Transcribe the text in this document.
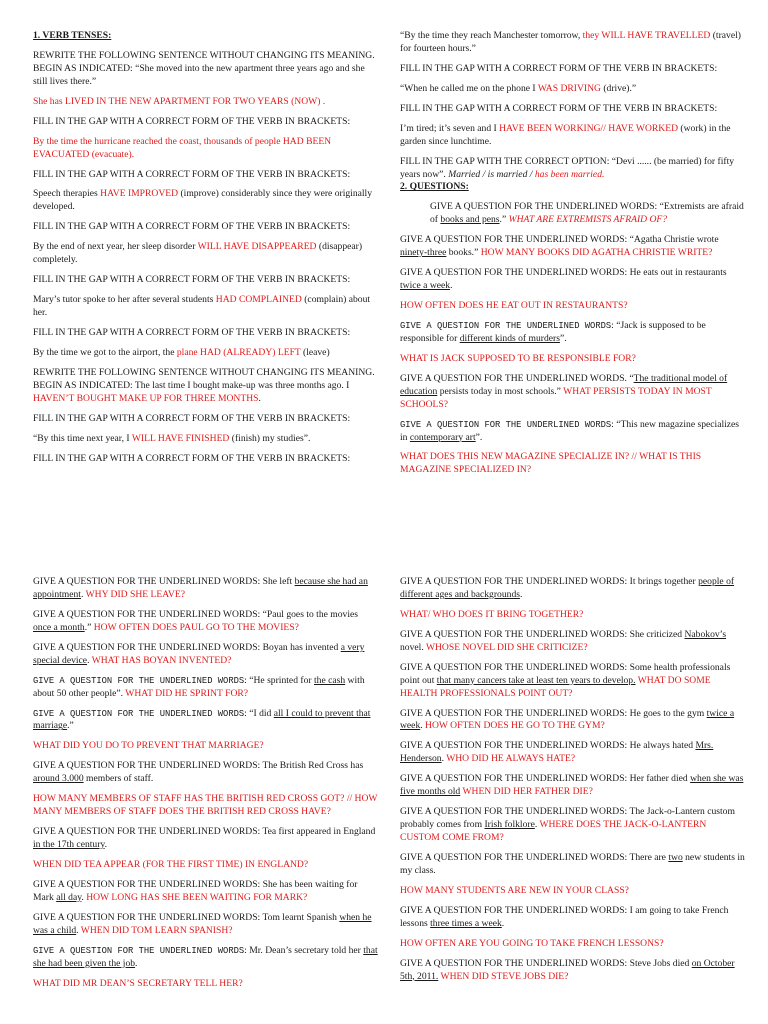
1. VERB TENSES:

REWRITE THE FOLLOWING SENTENCE WITHOUT CHANGING ITS MEANING. BEGIN AS INDICATED: “She moved into the new apartment three years ago and she still lives there.”

She has LIVED IN THE NEW APARTMENT FOR TWO YEARS (NOW) .

FILL IN THE GAP WITH A CORRECT FORM OF THE VERB IN BRACKETS:

By the time the hurricane reached the coast, thousands of people HAD BEEN EVACUATED (evacuate).

FILL IN THE GAP WITH A CORRECT FORM OF THE VERB IN BRACKETS:

Speech therapies HAVE IMPROVED (improve) considerably since they were originally developed.

FILL IN THE GAP WITH A CORRECT FORM OF THE VERB IN BRACKETS:

By the end of next year, her sleep disorder WILL HAVE DISAPPEARED (disappear) completely.

FILL IN THE GAP WITH A CORRECT FORM OF THE VERB IN BRACKETS:

Mary’s tutor spoke to her after several students HAD COMPLAINED (complain) about her.

FILL IN THE GAP WITH A CORRECT FORM OF THE VERB IN BRACKETS:

By the time we got to the airport, the plane HAD (ALREADY) LEFT (leave)

REWRITE THE FOLLOWING SENTENCE WITHOUT CHANGING ITS MEANING. BEGIN AS INDICATED: The last time I bought make-up was three months ago. I HAVEN’T BOUGHT MAKE UP FOR THREE MONTHS.

FILL IN THE GAP WITH A CORRECT FORM OF THE VERB IN BRACKETS:

“By this time next year, I WILL HAVE FINISHED (finish) my studies”.

FILL IN THE GAP WITH A CORRECT FORM OF THE VERB IN BRACKETS:

“By the time they reach Manchester tomorrow, they WILL HAVE TRAVELLED (travel) for fourteen hours.”

FILL IN THE GAP WITH A CORRECT FORM OF THE VERB IN BRACKETS:

“When he called me on the phone I WAS DRIVING (drive).”

FILL IN THE GAP WITH A CORRECT FORM OF THE VERB IN BRACKETS:

I’m tired; it’s seven and I HAVE BEEN WORKING// HAVE WORKED (work) in the garden since lunchtime.

FILL IN THE GAP WITH THE CORRECT OPTION: “Devi ...... (be married) for fifty years now”. Married / is married / has been married.

2. QUESTIONS:

GIVE A QUESTION FOR THE UNDERLINED WORDS: “Extremists are afraid of books and pens.” WHAT ARE EXTREMISTS AFRAID OF?

GIVE A QUESTION FOR THE UNDERLINED WORDS: “Agatha Christie wrote ninety-three books.” HOW MANY BOOKS DID AGATHA CHRISTIE WRITE?

GIVE A QUESTION FOR THE UNDERLINED WORDS: He eats out in restaurants twice a week.

HOW OFTEN DOES HE EAT OUT IN RESTAURANTS?

GIVE A QUESTION FOR THE UNDERLINED WORDS: “Jack is supposed to be responsible for different kinds of murders”.

WHAT IS JACK SUPPOSED TO BE RESPONSIBLE FOR?

GIVE A QUESTION FOR THE UNDERLINED WORDS. “The traditional model of education persists today in most schools.” WHAT PERSISTS TODAY IN MOST SCHOOLS?

GIVE A QUESTION FOR THE UNDERLINED WORDS: “This new magazine specializes in contemporary art”.

WHAT DOES THIS NEW MAGAZINE SPECIALIZE IN? // WHAT IS THIS MAGAZINE SPECIALIZED IN?

GIVE A QUESTION FOR THE UNDERLINED WORDS: She left because she had an appointment. WHY DID SHE LEAVE?

GIVE A QUESTION FOR THE UNDERLINED WORDS: “Paul goes to the movies once a month.” HOW OFTEN DOES PAUL GO TO THE MOVIES?

GIVE A QUESTION FOR THE UNDERLINED WORDS: Boyan has invented a very special device. WHAT HAS BOYAN INVENTED?

GIVE A QUESTION FOR THE UNDERLINED WORDS: “He sprinted for the cash with about 50 other people”. WHAT DID HE SPRINT FOR?

GIVE A QUESTION FOR THE UNDERLINED WORDS: “I did all I could to prevent that marriage.”

WHAT DID YOU DO TO PREVENT THAT MARRIAGE?

GIVE A QUESTION FOR THE UNDERLINED WORDS: The British Red Cross has around 3.000 members of staff.

HOW MANY MEMBERS OF STAFF HAS THE BRITISH RED CROSS GOT? // HOW MANY MEMBERS OF STAFF DOES THE BRITISH RED CROSS HAVE?

GIVE A QUESTION FOR THE UNDERLINED WORDS: Tea first appeared in England in the 17th century.

WHEN DID TEA APPEAR (FOR THE FIRST TIME) IN ENGLAND?

GIVE A QUESTION FOR THE UNDERLINED WORDS: She has been waiting for Mark all day. HOW LONG HAS SHE BEEN WAITING FOR MARK?

GIVE A QUESTION FOR THE UNDERLINED WORDS: Tom learnt Spanish when he was a child. WHEN DID TOM LEARN SPANISH?

GIVE A QUESTION FOR THE UNDERLINED WORDS: Mr. Dean’s secretary told her that she had been given the job.

WHAT DID MR DEAN’S SECRETARY TELL HER?

GIVE A QUESTION FOR THE UNDERLINED WORDS: It brings together people of different ages and backgrounds.

WHAT/ WHO DOES IT BRING TOGETHER?

GIVE A QUESTION FOR THE UNDERLINED WORDS: She criticized Nabokov’s novel. WHOSE NOVEL DID SHE CRITICIZE?

GIVE A QUESTION FOR THE UNDERLINED WORDS: Some health professionals point out that many cancers take at least ten years to develop. WHAT DO SOME HEALTH PROFESSIONALS POINT OUT?

GIVE A QUESTION FOR THE UNDERLINED WORDS: He goes to the gym twice a week. HOW OFTEN DOES HE GO TO THE GYM?

GIVE A QUESTION FOR THE UNDERLINED WORDS: He always hated Mrs. Henderson. WHO DID HE ALWAYS HATE?

GIVE A QUESTION FOR THE UNDERLINED WORDS: Her father died when she was five months old WHEN DID HER FATHER DIE?

GIVE A QUESTION FOR THE UNDERLINED WORDS: The Jack-o-Lantern custom probably comes from Irish folklore. WHERE DOES THE JACK-O-LANTERN CUSTOM COME FROM?

GIVE A QUESTION FOR THE UNDERLINED WORDS: There are two new students in my class.

HOW MANY STUDENTS ARE NEW IN YOUR CLASS?

GIVE A QUESTION FOR THE UNDERLINED WORDS: I am going to take French lessons three times a week.

HOW OFTEN ARE YOU GOING TO TAKE FRENCH LESSONS?

GIVE A QUESTION FOR THE UNDERLINED WORDS: Steve Jobs died on October 5th, 2011. WHEN DID STEVE JOBS DIE?
